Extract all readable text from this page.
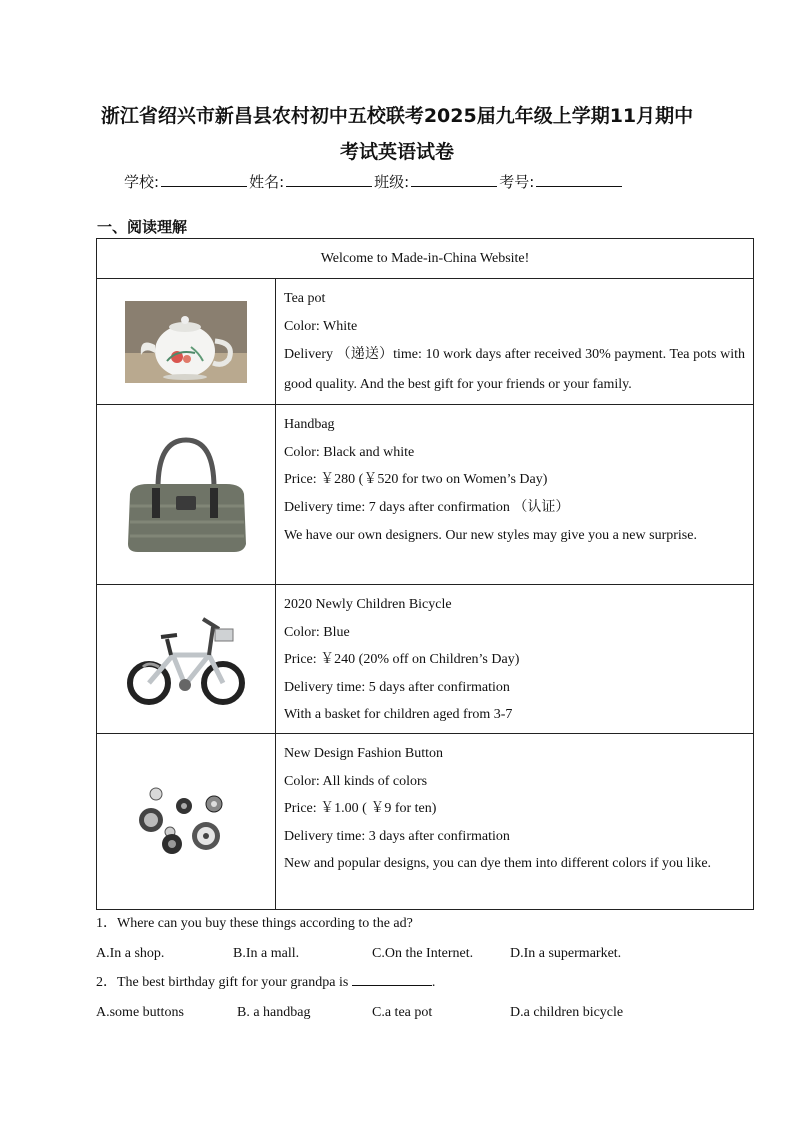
浙江省绍兴市新昌县农村初中五校联考2025届九年级上学期11月期中
考试英语试卷
学校:	姓名:	班级:	考号:
一、阅读理解
Welcome to Made-in-China Website!	

Tea pot

Color: White

Delivery （递送）time: 10 work days after received 30% payment. Tea pots with good quality. And the best gift for your friends or your family.

Handbag

Color: Black and white

Price: ￥280 (￥520 for two on Women’s Day)

Delivery time: 7 days after confirmation （认证）

We have our own designers. Our new styles may give you a new surprise.

2020 Newly Children Bicycle

Color: Blue

Price: ￥240 (20% off on Children’s Day)

Delivery time: 5 days after confirmation

With a basket for children aged from 3-7

New Design Fashion Button

Color: All kinds of colors

Price: ￥1.00 ( ￥9 for ten)

Delivery time: 3 days after confirmation

New and popular designs, you can dye them into different colors if you like.

1．Where can you buy these things according to the ad?
A.In a shop.	B.In a mall.	C.On the Internet.	D.In a supermarket.
2．The best birthday gift for your grandpa is	.
A.some buttons	B. a handbag	C.a tea pot	D.a children bicycle
